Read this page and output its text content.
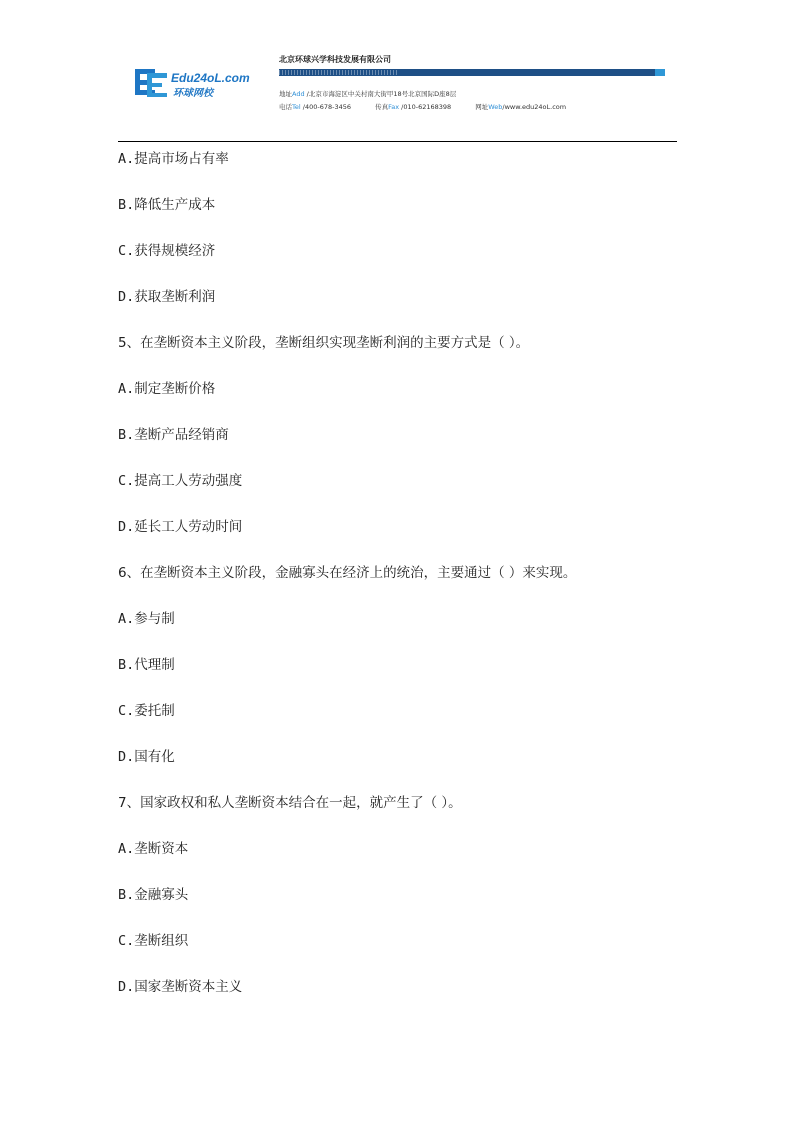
Edu24oL.com
环球网校
北京环球兴学科技发展有限公司
地址Add /北京市海淀区中关村南大街甲18号北京国际D座8层
电话Tel /400-678-3456	传真Fax /010-62168398	网址Web/www.edu24oL.com
A.提高市场占有率
B.降低生产成本
C.获得规模经济
D.获取垄断利润
5、在垄断资本主义阶段，垄断组织实现垄断利润的主要方式是（ ）。
A.制定垄断价格
B.垄断产品经销商
C.提高工人劳动强度
D.延长工人劳动时间
6、在垄断资本主义阶段，金融寡头在经济上的统治，主要通过（ ）来实现。
A.参与制
B.代理制
C.委托制
D.国有化
7、国家政权和私人垄断资本结合在一起，就产生了（ ）。
A.垄断资本
B.金融寡头
C.垄断组织
D.国家垄断资本主义
